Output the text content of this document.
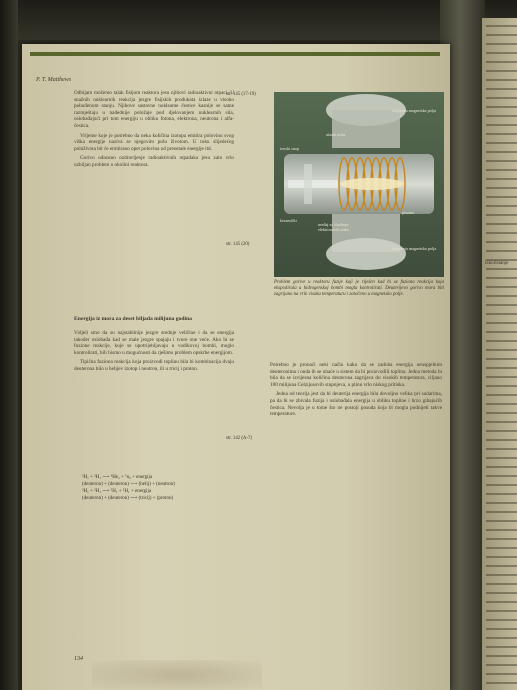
Iskoristanje
P. T. Matthews

Odbijam možemo talak fisijom reaktora jesu njihovi radioaktivni otpaci. U snažnih nuklearnih reakcija jezgre fisijskih produkata izlaze u visoko pobuđenom stanju. Njihove sastavne nukleame čestice kasnije se same razmještaju u nadednije položaje pod djelovanjem nuklearnih sila, oslobađajući pri tom energiju u obliku fotona, elektrona, neutrona i alfa-čestica.

Vrijeme koje je potrebno da neka količina izotopa emitira polovinu svog viška energije naziva se njegovim polu životom. U toku slijedećeg poluživota bit će emitirano opet polovina od preostale energije itd.

Gorivo odnosno ozdravljenje radioaktivnih otpadaka jesu zato vrlo ozbiljan problem u okolini reaktora.

str. 145 (17-19)
str. 145 (20)
str. 142 (A-7)
Energija iz mora za deset biljada milijuna godina

Vidjeli smo da su najstabilnije jezgre srednje veličine i da se energija također oslobađa kad se male jezgre spajaju i tvore one veće. Ako bi se fuzione reakcije, koje se upotrijebljavaju u vodikovoj bombi, moglo kontrolirati, bili bismo u mogućnosti da rješimo problem opskrbe energijom.

Tipična fuziona reakcija koja proizvodi toplinu bila bi kombinacija dvaju deuterona bilo u helijev izotop i neutron, ili u tricij i proton.

²H₁ + ²H₁ ⟶ ³He₂ + ¹n₀ + energija
(deuteron) + (deuteron) ⟶ (helij) + (neutron)
²H₁ + ²H₁ ⟶ ³H₁ + ¹H₁ + energija
(deuteron) + (deuteron) ⟶ (tricij) + (proton)
ionski snop
ulazni mlaz
dotjerana magnetska polja
plazma
unutarnja magnetska polja
uređaj za hlađenje elektronskih zraka
keramički
Problem gorive u reaktoru fuzije koji je riješen kad bi se fuziona reakcija koja ekspodirala u hidrogenskoj bombi mogla kontrolirati. Deuterijevo gorivo mora biti zagrijano na vrlo visoku temperaturu i zatočeno u magnetsko polje.

Potrebno je pronaći neki način kako da se zaduha energija neuspjelnim deuteronima i onda ih se uhaće u sistem da bi proizvodili toplinu. Jedna metoda bi bila da se izvijesna količina deuterona zagrijava do visokih temperatura, ciljano 100 milijuna Celzijusovih stupnjeva, u plinu vrlo niskog pritiska.

Jedna od teorija jest da bi deuterija energija bila dovoljno velika pri sudarima, pa da bi se zbivala fuzija i oslobađala energija u obliku topline i brzo gibajućih čestica. Nevolja je u tome što ne postoji posuda koja bi mogla podnijeti takve temperature.

134
